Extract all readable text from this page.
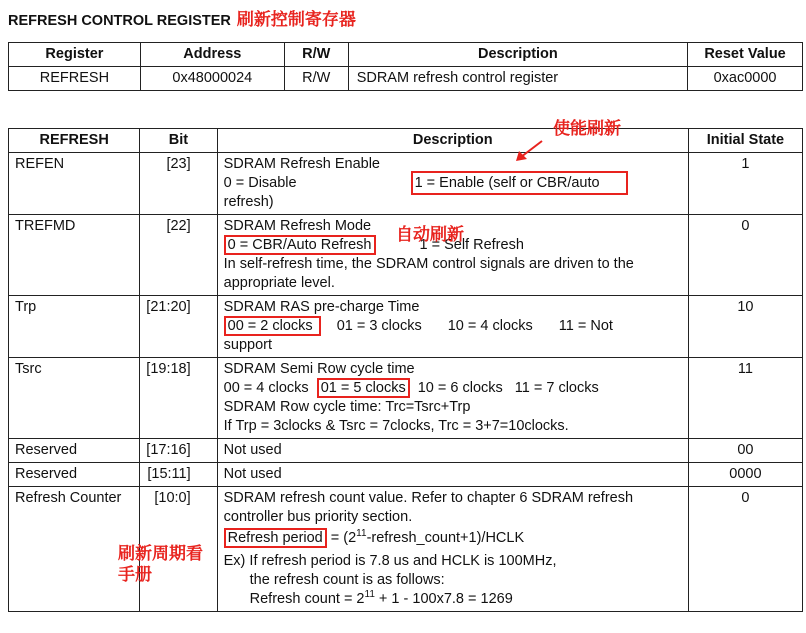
REFRESH CONTROL REGISTER 刷新控制寄存器
Register	Address	R/W	Description	Reset Value
REFRESH	0x48000024	R/W	SDRAM refresh control register	0xac0000
REFRESH	Bit	Description	Initial State
REFEN	[23]	SDRAM Refresh Enable
0 = Disable 1 = Enable (self or CBR/auto
refresh)	1
TREFMD	[22]	SDRAM Refresh Mode
0 = CBR/Auto Refresh 1 = Self Refresh
In self-refresh time, the SDRAM control signals are driven to the appropriate level.	0
Trp	[21:20]	SDRAM RAS pre-charge Time
00 = 2 clocks 01 = 3 clocks 10 = 4 clocks 11 = Not
support	10
Tsrc	[19:18]	SDRAM Semi Row cycle time
00 = 4 clocks 01 = 5 clocks 10 = 6 clocks 11 = 7 clocks
SDRAM Row cycle time: Trc=Tsrc+Trp
If Trp = 3clocks & Tsrc = 7clocks, Trc = 3+7=10clocks.	11
Reserved	[17:16]	Not used	00
Reserved	[15:11]	Not used	0000
Refresh Counter	[10:0]	SDRAM refresh count value. Refer to chapter 6 SDRAM refresh controller bus priority section.
Refresh period = $(2^{11}-refresh\_count+1)$/HCLK
Ex) If refresh period is 7.8 us and HCLK is 100MHz,
the refresh count is as follows:
Refresh count = $2^{11} + 1 - 100x7.8 = 1269$	0
使能刷新
自动刷新
刷新周期看
手册
